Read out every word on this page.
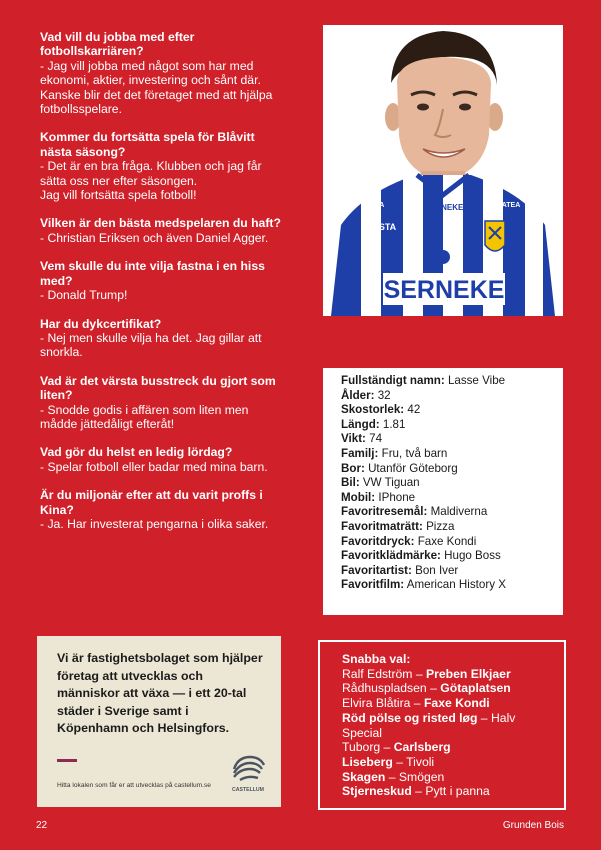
Vad vill du jobba med efter fotbollskarriären?
- Jag vill jobba med något som har med ekonomi, aktier, investering och sånt där. Kanske blir det det företaget med att hjälpa fotbollsspelare.
Kommer du fortsätta spela för Blåvitt nästa säsong?
- Det är en bra fråga. Klubben och jag får sätta oss ner efter säsongen.
Jag vill fortsätta spela fotboll!
Vilken är den bästa medspelaren du haft?
- Christian Eriksen och även Daniel Agger.
Vem skulle du inte vilja fastna i en hiss med?
- Donald Trump!
Har du dykcertifikat?
- Nej men skulle vilja ha det. Jag gillar att snorkla.
Vad är det värsta busstreck du gjort som liten?
- Snodde godis i affären som liten men mådde jättedåligt efteråt!
Vad gör du helst en ledig lördag?
- Spelar fotboll eller badar med mina barn.
Är du miljonär efter att du varit proffs i Kina?
- Ja. Har investerat pengarna i olika saker.
SERNEKE
SERNEKE
ATEA	ATEA
RASTA
Fullständigt namn: Lasse Vibe
Ålder: 32
Skostorlek: 42
Längd: 1.81
Vikt: 74
Familj: Fru, två barn
Bor: Utanför Göteborg
Bil: VW Tiguan
Mobil: IPhone
Favoritresemål: Maldiverna
Favoritmaträtt: Pizza
Favoritdryck: Faxe Kondi
Favoritklädmärke: Hugo Boss
Favoritartist: Bon Iver
Favoritfilm: American History X
Vi är fastighetsbolaget som hjälper företag att utvecklas och människor att växa — i ett 20-tal städer i Sverige samt i Köpenhamn och Helsingfors.
Hitta lokalen som får er att utvecklas på castellum.se
CASTELLUM
Snabba val:
Ralf Edström – Preben Elkjaer
Rådhuspladsen – Götaplatsen
Elvira Blåtira – Faxe Kondi
Röd pölse og risted løg – Halv Special
Tuborg – Carlsberg
Liseberg – Tivoli
Skagen – Smögen
Stjerneskud – Pytt i panna
22	Grunden Bois
